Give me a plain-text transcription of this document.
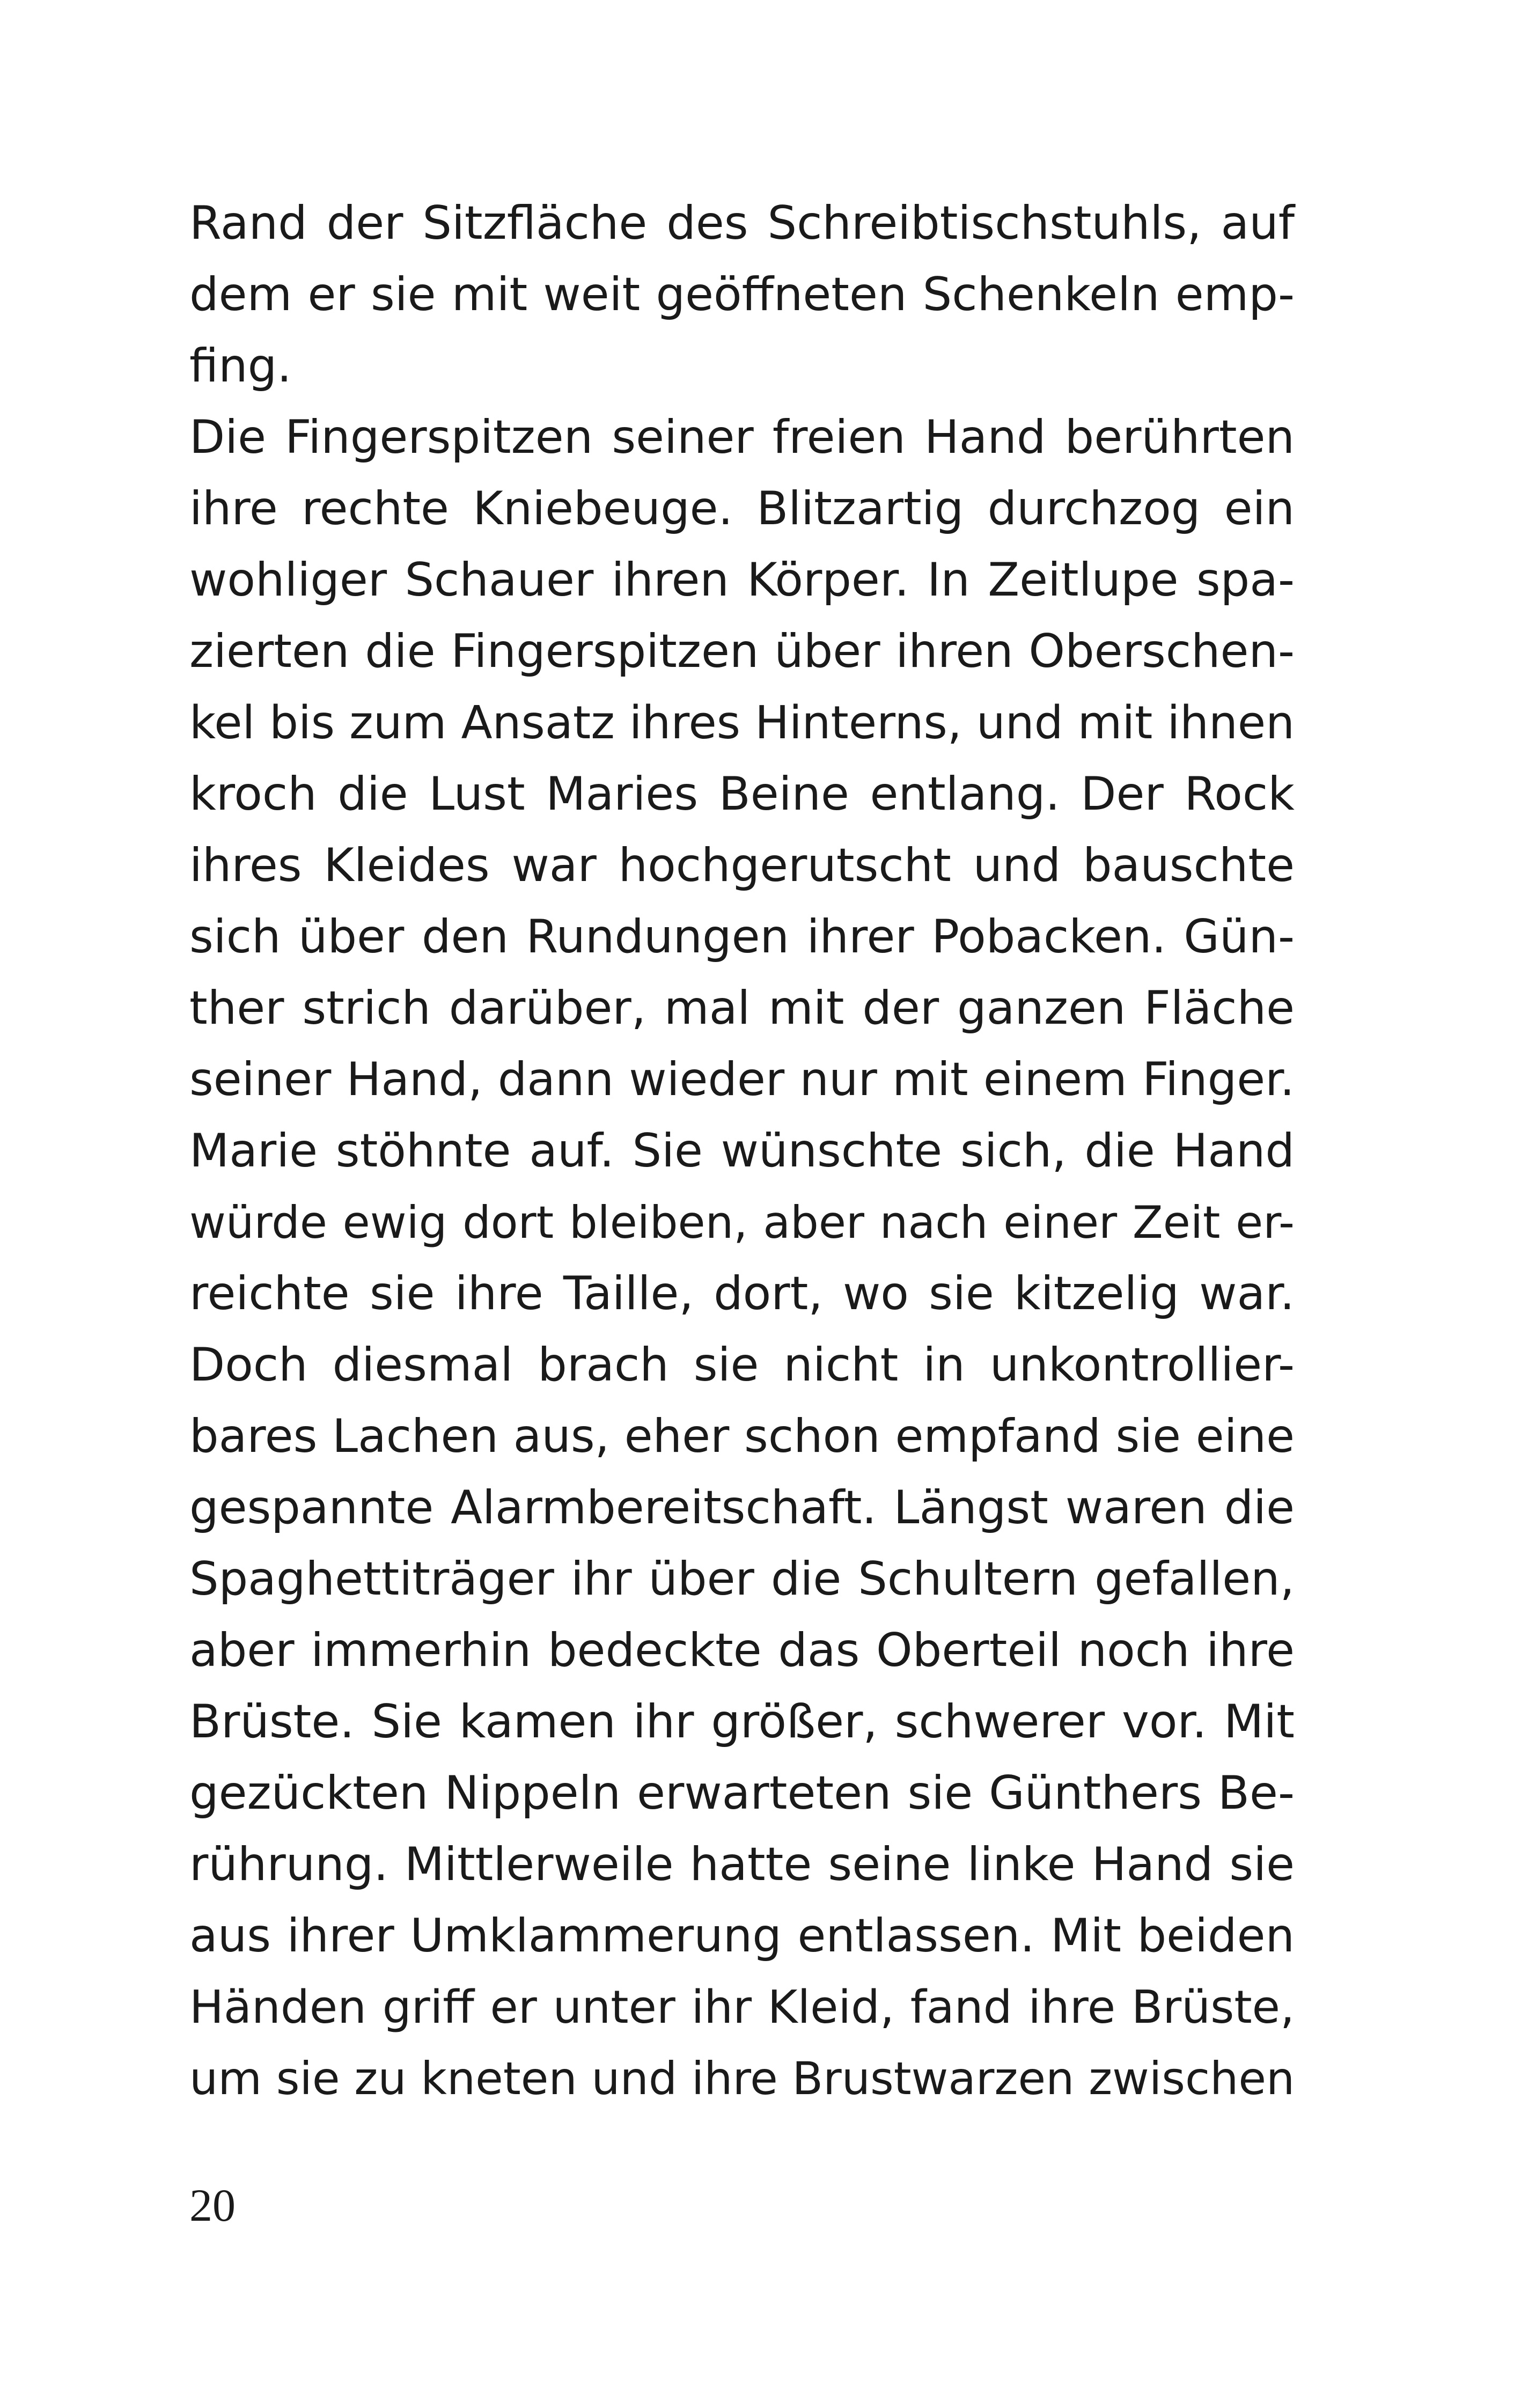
Rand der Sitzfläche des Schreibtischstuhls, auf
dem er sie mit weit geöffneten Schenkeln emp-
fing.
Die Fingerspitzen seiner freien Hand berührten
ihre rechte Kniebeuge. Blitzartig durchzog ein
wohliger Schauer ihren Körper. In Zeitlupe spa-
zierten die Fingerspitzen über ihren Oberschen-
kel bis zum Ansatz ihres Hinterns, und mit ihnen
kroch die Lust Maries Beine entlang. Der Rock
ihres Kleides war hochgerutscht und bauschte
sich über den Rundungen ihrer Pobacken. Gün-
ther strich darüber, mal mit der ganzen Fläche
seiner Hand, dann wieder nur mit einem Finger.
Marie stöhnte auf. Sie wünschte sich, die Hand
würde ewig dort bleiben, aber nach einer Zeit er-
reichte sie ihre Taille, dort, wo sie kitzelig war.
Doch diesmal brach sie nicht in unkontrollier-
bares Lachen aus, eher schon empfand sie eine
gespannte Alarmbereitschaft. Längst waren die
Spaghettiträger ihr über die Schultern gefallen,
aber immerhin bedeckte das Oberteil noch ihre
Brüste. Sie kamen ihr größer, schwerer vor. Mit
gezückten Nippeln erwarteten sie Günthers Be-
rührung. Mittlerweile hatte seine linke Hand sie
aus ihrer Umklammerung entlassen. Mit beiden
Händen griff er unter ihr Kleid, fand ihre Brüste,
um sie zu kneten und ihre Brustwarzen zwischen
20
